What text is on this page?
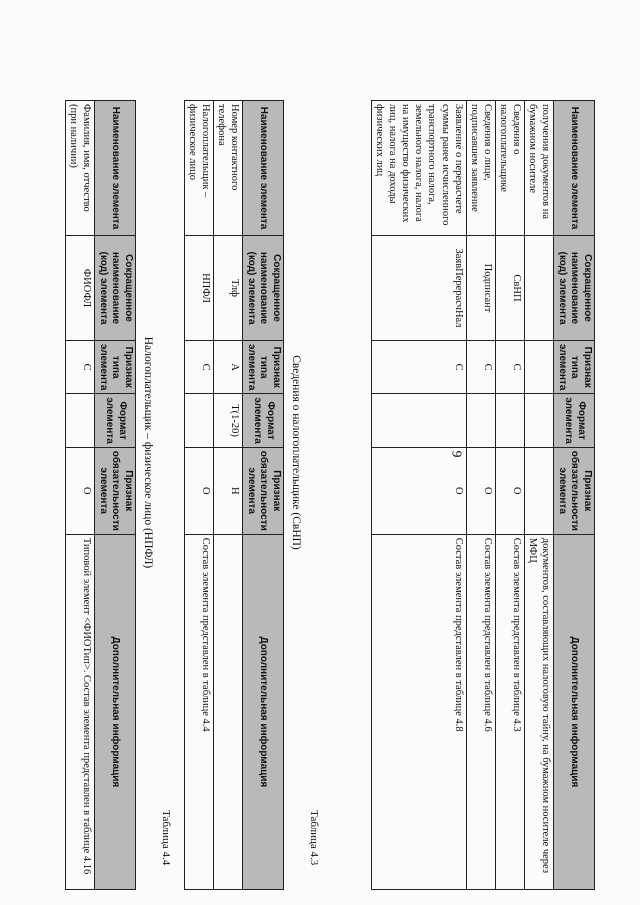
9
Наименование элемента	Сокращенное наименование (код) элемента	Признак типа элемента	Формат элемента	Признак обязательности элемента	Дополнительная информация
получения документов на бумажном носителе					документов, составляющих налоговую тайну, на бумажном носителе через МФЦ
Сведения о налогоплательщике	СвНП	С		О	Состав элемента представлен в таблице 4.3
Сведения о лице, подписавшем заявление	Подписант	С		О	Состав элемента представлен в таблице 4.6
Заявление о перерасчете суммы ранее исчисленного транспортного налога, земельного налога, налога на имущество физических лиц, налога на доходы физических лиц	ЗаявПерерасчНал	С		О	Состав элемента представлен в таблице 4.8
Таблица 4.3
Сведения о налогоплательщике (СвНП)
Наименование элемента	Сокращенное наименование (код) элемента	Признак типа элемента	Формат элемента	Признак обязательности элемента	Дополнительная информация
Номер контактного телефона	Тлф	А	T(1-20)	Н	
Налогоплательщик – физическое лицо	НПФЛ	С		О	Состав элемента представлен в таблице 4.4
Таблица 4.4
Налогоплательщик – физическое лицо (НПФЛ)
Наименование элемента	Сокращенное наименование (код) элемента	Признак типа элемента	Формат элемента	Признак обязательности элемента	Дополнительная информация
Фамилия, имя, отчество (при наличии)	ФИОФЛ	С		О	Типовой элемент <ФИОТип>. Состав элемента представлен в таблице 4.16
